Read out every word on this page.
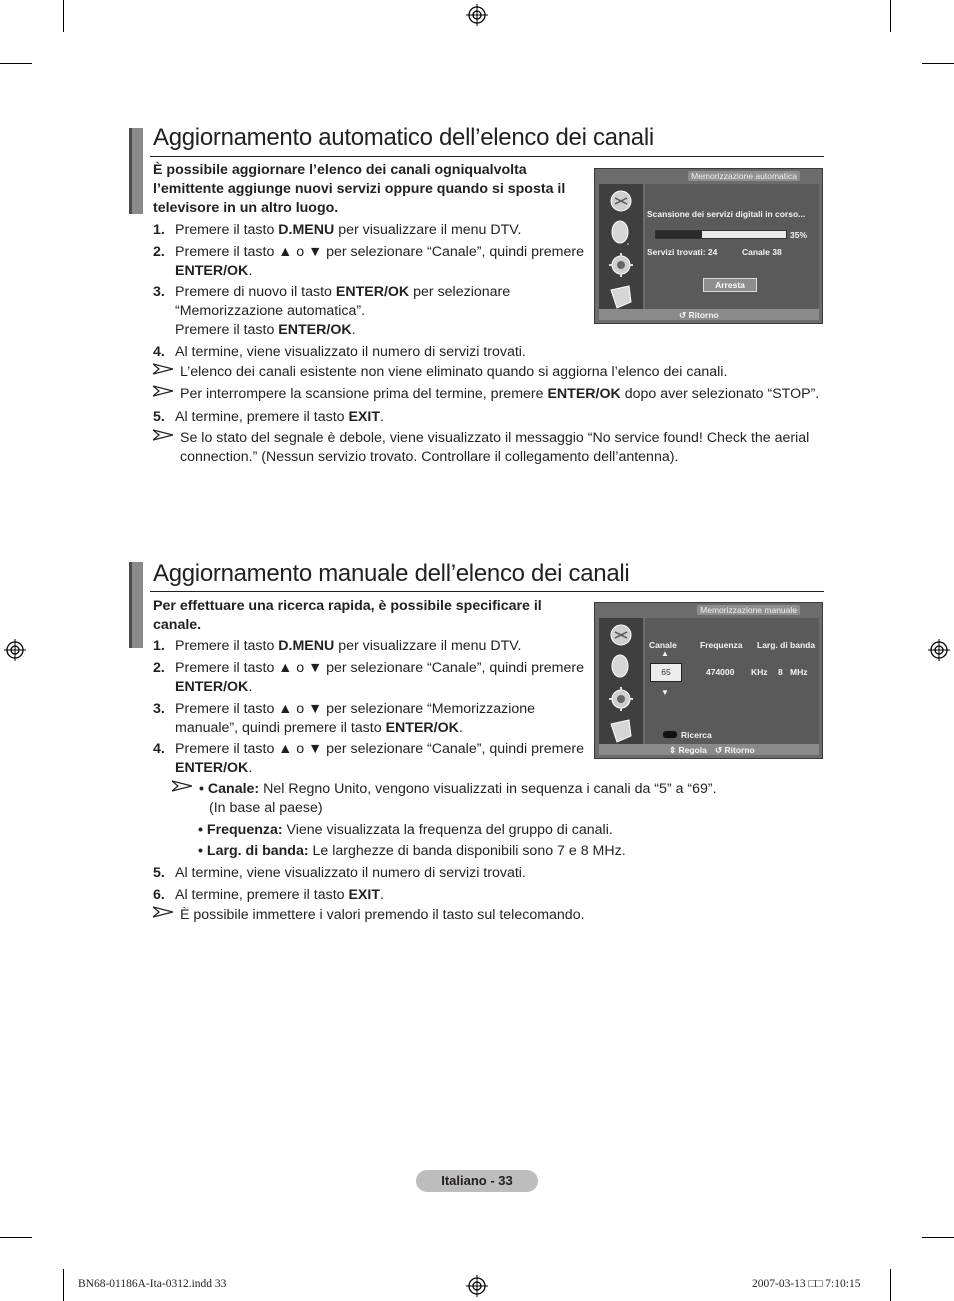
Aggiornamento automatico dell’elenco dei canali
È possibile aggiornare l’elenco dei canali ogniqualvolta l’emittente aggiunge nuovi servizi oppure quando si sposta il televisore in un altro luogo.
1. Premere il tasto D.MENU per visualizzare il menu DTV.
2. Premere il tasto ▲ o ▼ per selezionare “Canale”, quindi premere ENTER/OK.
3. Premere di nuovo il tasto ENTER/OK per selezionare “Memorizzazione automatica”.
Premere il tasto ENTER/OK.
4. Al termine, viene visualizzato il numero di servizi trovati.
L’elenco dei canali esistente non viene eliminato quando si aggiorna l’elenco dei canali.
Per interrompere la scansione prima del termine, premere ENTER/OK dopo aver selezionato “STOP”.
5. Al termine, premere il tasto EXIT.
Se lo stato del segnale è debole, viene visualizzato il messaggio “No service found! Check the aerial connection.” (Nessun servizio trovato. Controllare il collegamento dell’antenna).
Scansione dei servizi digitali in corso...
35%
Servizi trovati: 24	Canale 38
Arresta
Memorizzazione automatica
↺ Ritorno
Aggiornamento manuale dell’elenco dei canali
Per effettuare una ricerca rapida, è possibile specificare il canale.
1. Premere il tasto D.MENU per visualizzare il menu DTV.
2. Premere il tasto ▲ o ▼ per selezionare “Canale”, quindi premere ENTER/OK.
3. Premere il tasto ▲ o ▼ per selezionare “Memorizzazione manuale”, quindi premere il tasto ENTER/OK.
4. Premere il tasto ▲ o ▼ per selezionare “Canale”, quindi premere ENTER/OK.
• Canale: Nel Regno Unito, vengono visualizzati in sequenza i canali da “5” a “69”.
(In base al paese)
• Frequenza: Viene visualizzata la frequenza del gruppo di canali.
• Larg. di banda: Le larghezze di banda disponibili sono 7 e 8 MHz.
5. Al termine, viene visualizzato il numero di servizi trovati.
6. Al termine, premere il tasto EXIT.
È possibile immettere i valori premendo il tasto sul telecomando.
Canale	Frequenza Larg. di banda
▲
65	474000 KHz 8 MHz
▼
Ricerca
Memorizzazione manuale
⇕ Regola ↺ Ritorno
Italiano - 33
BN68-01186A-Ita-0312.indd 33	2007-03-13 □□ 7:10:15
